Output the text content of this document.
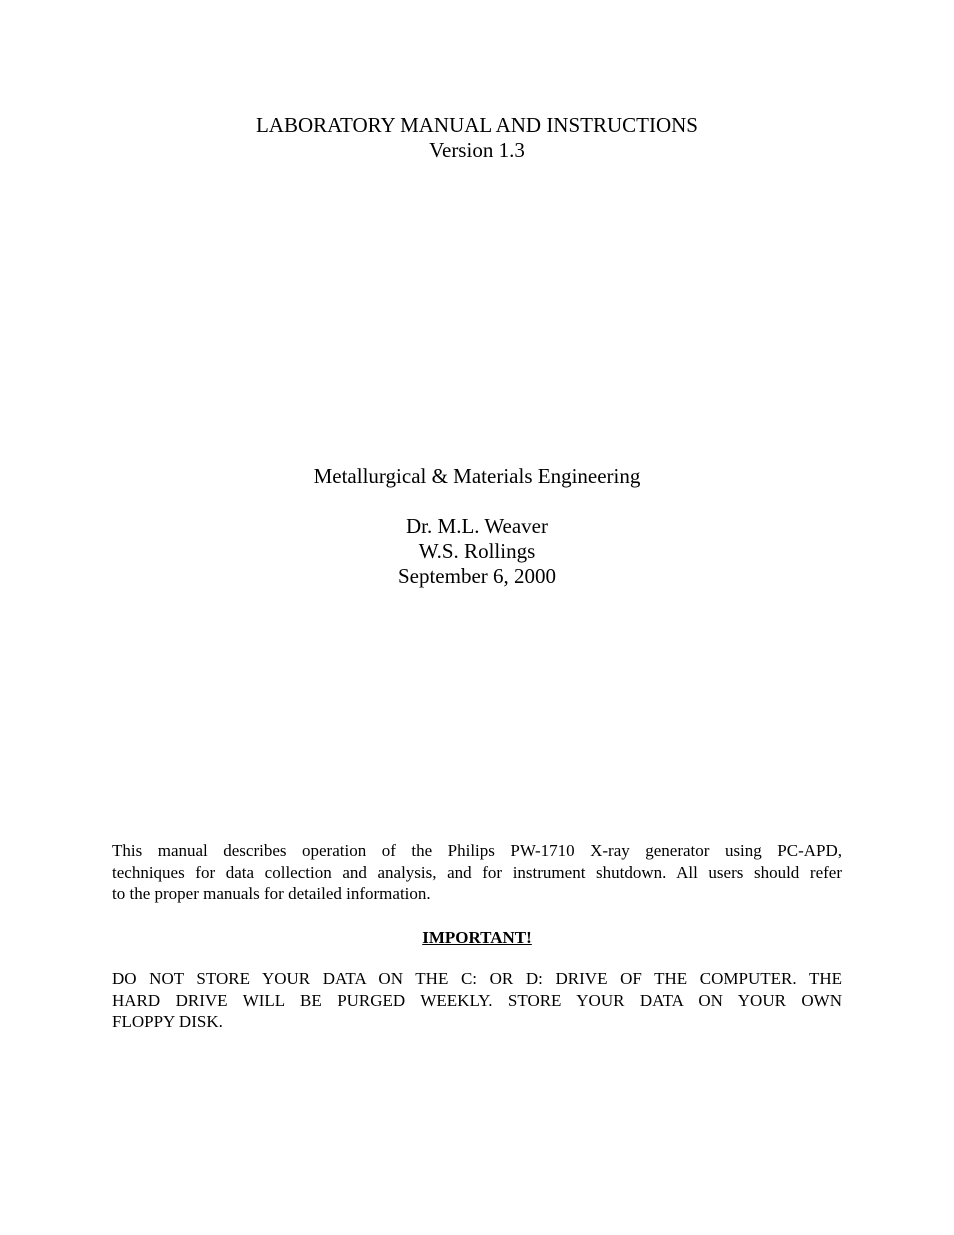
LABORATORY MANUAL AND INSTRUCTIONS
Version 1.3
Metallurgical & Materials Engineering
Dr. M.L. Weaver
W.S. Rollings
September 6, 2000
This manual describes operation of the Philips PW-1710 X-ray generator using PC-APD,
techniques for data collection and analysis, and for instrument shutdown. All users should refer
to the proper manuals for detailed information.
IMPORTANT!
DO NOT STORE YOUR DATA ON THE C: OR D: DRIVE OF THE COMPUTER. THE
HARD DRIVE WILL BE PURGED WEEKLY. STORE YOUR DATA ON YOUR OWN
FLOPPY DISK.
